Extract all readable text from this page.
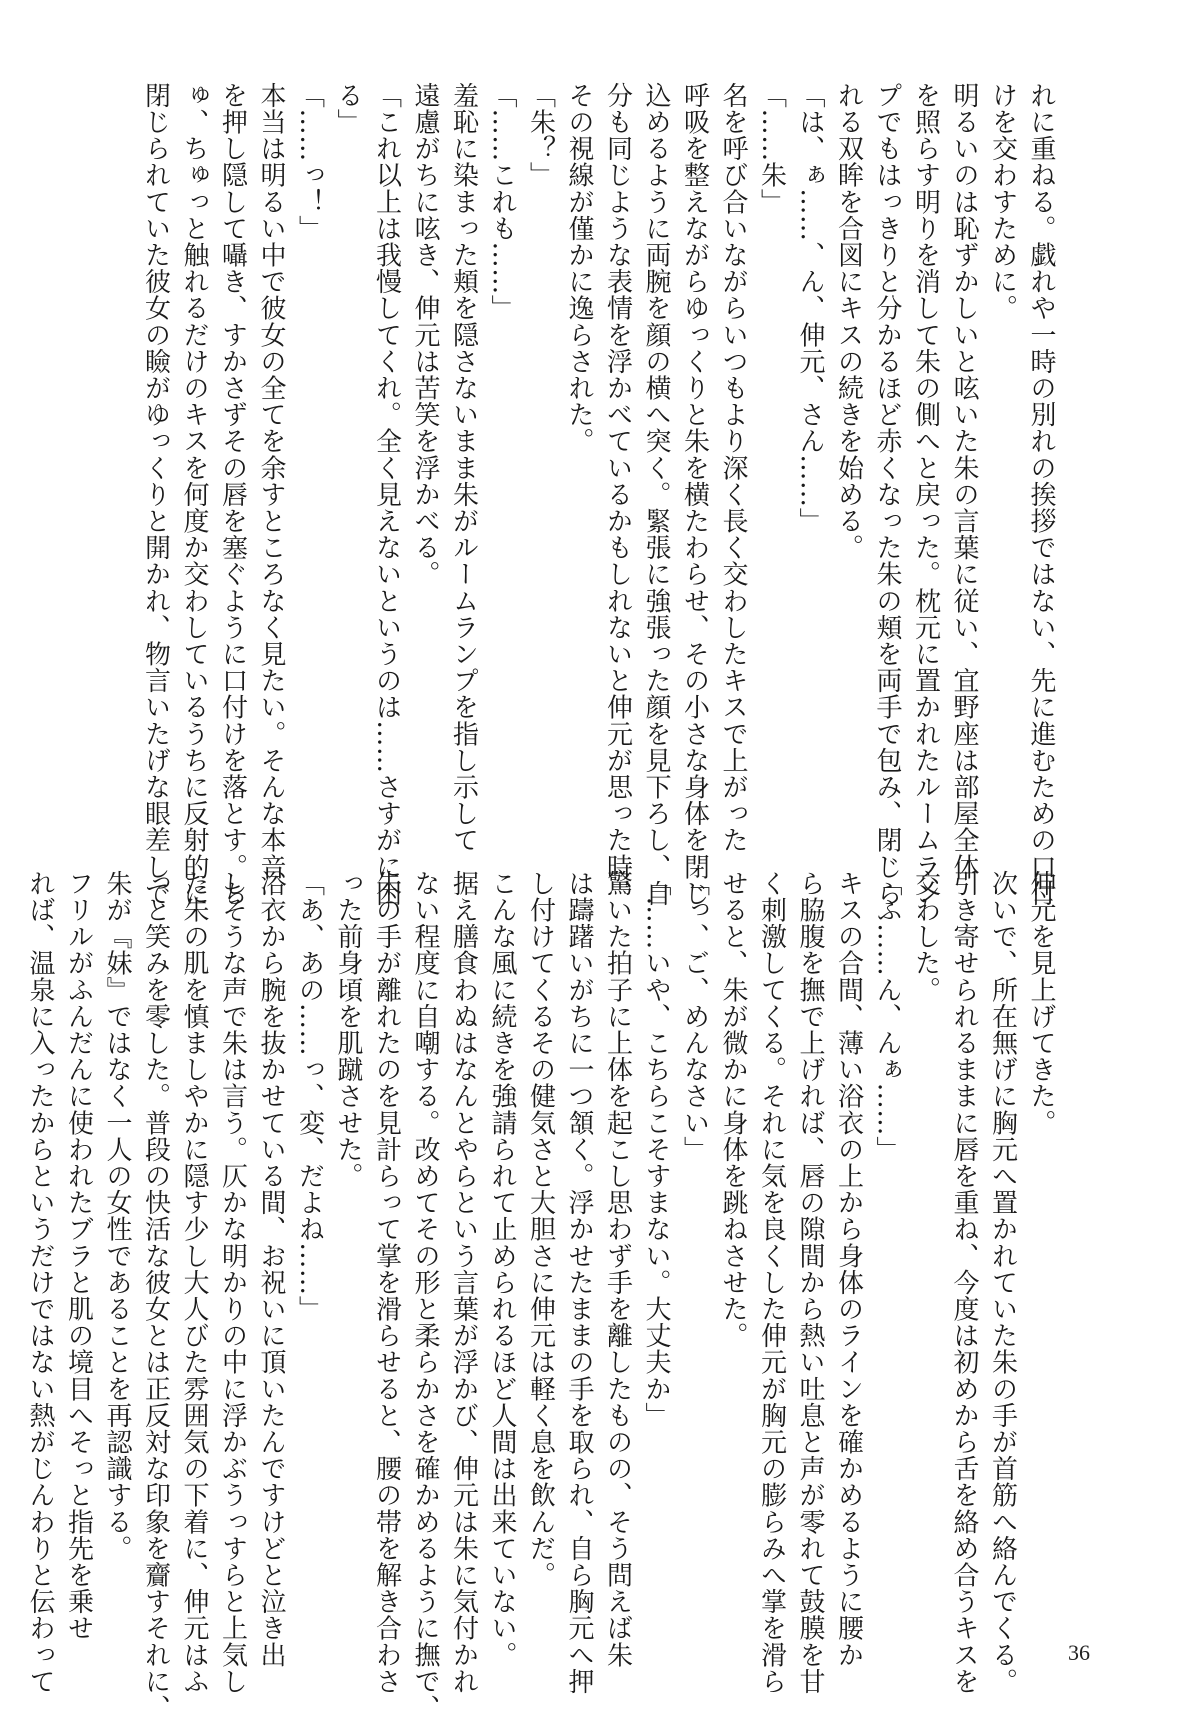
れに重ねる。戯れや一時の別れの挨拶ではない、先に進むための口付
けを交わすために。
明るいのは恥ずかしいと呟いた朱の言葉に従い、宜野座は部屋全体
を照らす明りを消して朱の側へと戻った。枕元に置かれたルームラン
プでもはっきりと分かるほど赤くなった朱の頬を両手で包み、閉じら
れる双眸を合図にキスの続きを始める。
「は、ぁ……、ん、伸元、さん……」
「……朱」
名を呼び合いながらいつもより深く長く交わしたキスで上がった
呼吸を整えながらゆっくりと朱を横たわらせ、その小さな身体を閉じ
込めるように両腕を顔の横へ突く。緊張に強張った顔を見下ろし、自
分も同じような表情を浮かべているかもしれないと伸元が思った時、
その視線が僅かに逸らされた。
「朱？」
「……これも……」
羞恥に染まった頬を隠さないまま朱がルームランプを指し示して
遠慮がちに呟き、伸元は苦笑を浮かべる。
「これ以上は我慢してくれ。全く見えないというのは……さすがに困
る」
「……っ！」
本当は明るい中で彼女の全てを余すところなく見たい。そんな本音
を押し隠して囁き、すかさずその唇を塞ぐように口付けを落とす。ち
ゅ、ちゅっと触れるだけのキスを何度か交わしているうちに反射的に
閉じられていた彼女の瞼がゆっくりと開かれ、物言いたげな眼差しで
伸元を見上げてきた。
次いで、所在無げに胸元へ置かれていた朱の手が首筋へ絡んでくる。
引き寄せられるままに唇を重ね、今度は初めから舌を絡め合うキスを
交わした。
「ふ……ん、んぁ……」
キスの合間、薄い浴衣の上から身体のラインを確かめるように腰か
ら脇腹を撫で上げれば、唇の隙間から熱い吐息と声が零れて鼓膜を甘
く刺激してくる。それに気を良くした伸元が胸元の膨らみへ掌を滑ら
せると、朱が微かに身体を跳ねさせた。
「っ、ご、めんなさい」
「……いや、こちらこそすまない。大丈夫か」
驚いた拍子に上体を起こし思わず手を離したものの、そう問えば朱
は躊躇いがちに一つ頷く。浮かせたままの手を取られ、自ら胸元へ押
し付けてくるその健気さと大胆さに伸元は軽く息を飲んだ。
こんな風に続きを強請られて止められるほど人間は出来ていない。
据え膳食わぬはなんとやらという言葉が浮かび、伸元は朱に気付かれ
ない程度に自嘲する。改めてその形と柔らかさを確かめるように撫で、
朱の手が離れたのを見計らって掌を滑らせると、腰の帯を解き合わさ
った前身頃を肌蹴させた。
「あ、あの……っ、変、だよね……」
浴衣から腕を抜かせている間、お祝いに頂いたんですけどと泣き出
しそうな声で朱は言う。仄かな明かりの中に浮かぶうっすらと上気し
た朱の肌を慎ましやかに隠す少し大人びた雰囲気の下着に、伸元はふ
っと笑みを零した。普段の快活な彼女とは正反対な印象を齎すそれに、
朱が『妹』ではなく一人の女性であることを再認識する。
フリルがふんだんに使われたブラと肌の境目へそっと指先を乗せ
れば、温泉に入ったからというだけではない熱がじんわりと伝わって	36
